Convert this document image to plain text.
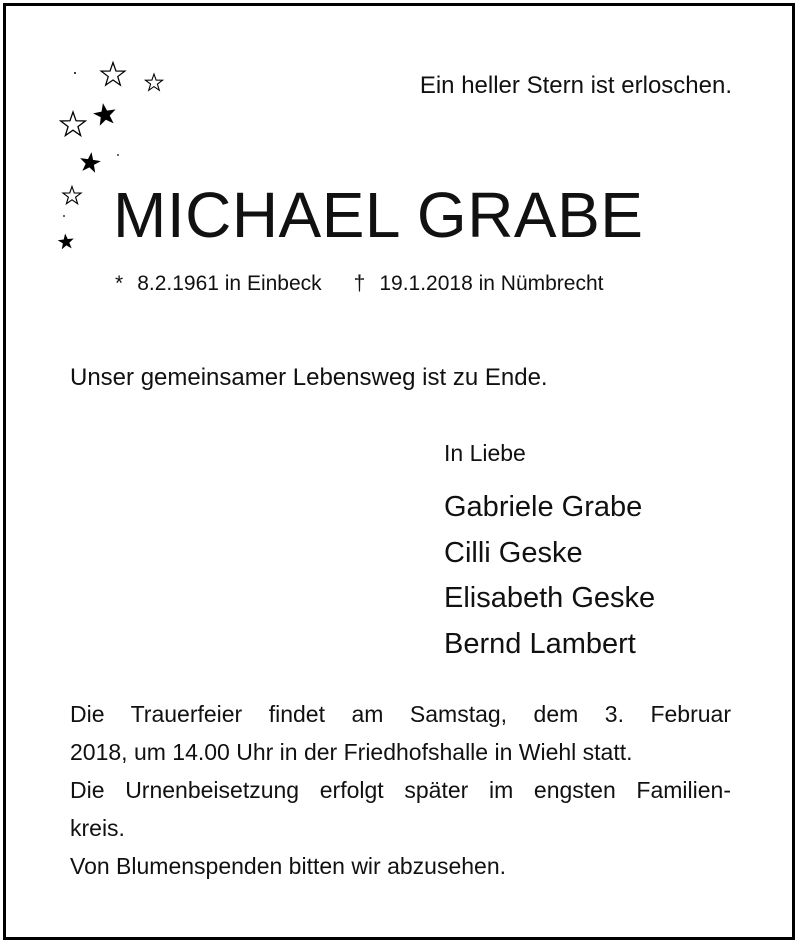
Ein heller Stern ist erloschen.
MICHAEL GRABE
* 8.2.1961 in Einbeck † 19.1.2018 in Nümbrecht
Unser gemeinsamer Lebensweg ist zu Ende.
In Liebe
Gabriele Grabe
Cilli Geske
Elisabeth Geske
Bernd Lambert

Die Trauerfeier findet am Samstag, dem 3. Februar

2018, um 14.00 Uhr in der Friedhofshalle in Wiehl statt.

Die Urnenbeisetzung erfolgt später im engsten Familien-

kreis.

Von Blumenspenden bitten wir abzusehen.
